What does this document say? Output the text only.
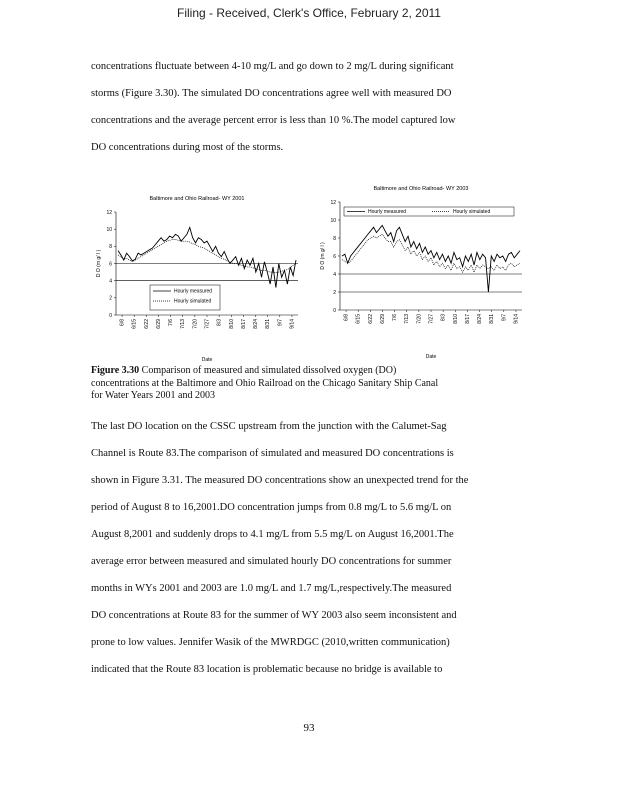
Filing - Received, Clerk's Office, February 2, 2011
concentrations fluctuate between 4-10 mg/L and go down to 2 mg/L during significant
storms (Figure 3.30). The simulated DO concentrations agree well with measured DO
concentrations and the average percent error is less than 10 %.The model captured low
DO concentrations during most of the storms.
Baltimore and Ohio Railroad- WY 2001
0
2
4
6
8
10
12
D O (m g/ l )
6/8 6/15 6/22 6/29 7/6 7/13 7/20 7/27 8/3 8/10 8/17 8/24 8/31 9/7 9/14
Date
Hourly measured
Hourly simulated
Baltimore and Ohio Railroad- WY 2003
0
2
4
6
8
10
12
D O (m g/ l )
6/8 6/15 6/22 6/29 7/6 7/13 7/20 7/27 8/3 8/10 8/17 8/24 8/31 9/7 9/14
Date
Hourly measured	Hourly simulated
Figure 3.30 Comparison of measured and simulated dissolved oxygen (DO)
concentrations at the Baltimore and Ohio Railroad on the Chicago Sanitary Ship Canal
for Water Years 2001 and 2003
The last DO location on the CSSC upstream from the junction with the Calumet-Sag
Channel is Route 83.The comparison of simulated and measured DO concentrations is
shown in Figure 3.31. The measured DO concentrations show an unexpected trend for the
period of August 8 to 16,2001.DO concentration jumps from 0.8 mg/L to 5.6 mg/L on
August 8,2001 and suddenly drops to 4.1 mg/L from 5.5 mg/L on August 16,2001.The
average error between measured and simulated hourly DO concentrations for summer
months in WYs 2001 and 2003 are 1.0 mg/L and 1.7 mg/L,respectively.The measured
DO concentrations at Route 83 for the summer of WY 2003 also seem inconsistent and
prone to low values. Jennifer Wasik of the MWRDGC (2010,written communication)
indicated that the Route 83 location is problematic because no bridge is available to
93
